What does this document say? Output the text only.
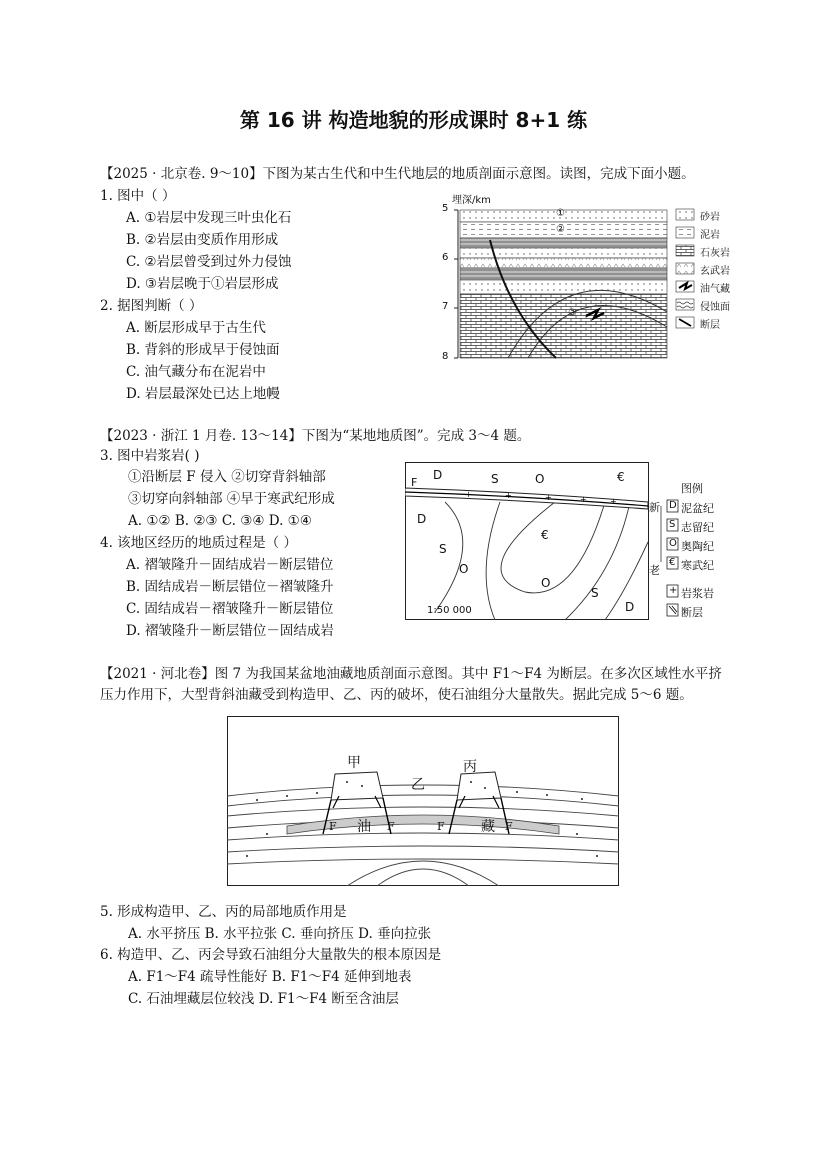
第 16 讲 构造地貌的形成课时 8+1 练
【2025 · 北京卷. 9～10】下图为某古生代和中生代地层的地质剖面示意图。读图，完成下面小题。
1. 图中（ ）
A. ①岩层中发现三叶虫化石
B. ②岩层由变质作用形成
C. ②岩层曾受到过外力侵蚀
D. ③岩层晚于①岩层形成
2. 据图判断（ ）
A. 断层形成早于古生代
B. 背斜的形成早于侵蚀面
C. 油气藏分布在泥岩中
D. 岩层最深处已达上地幔
埋深/km
5
6
7
8
①
②
③
砂岩
泥岩
石灰岩
玄武岩
油气藏
侵蚀面
断层
【2023 · 浙江 1 月卷. 13～14】下图为“某地地质图”。完成 3～4 题。
3. 图中岩浆岩( )
①沿断层 F 侵入 ②切穿背斜轴部
③切穿向斜轴部 ④早于寒武纪形成
A. ①② B. ②③ C. ③④ D. ①④
4. 该地区经历的地质过程是（ ）
A. 褶皱隆升－固结成岩－断层错位
B. 固结成岩－断层错位－褶皱隆升
C. 固结成岩－褶皱隆升－断层错位
D. 褶皱隆升－断层错位－固结成岩
+	+	+	+	+
D	S	O	€
D
S
O
€
O
S
D
F
1:50 000
图例
新
老
D 泥盆纪
S 志留纪
O 奥陶纪
€ 寒武纪
+ 岩浆岩
断层
【2021 · 河北卷】图 7 为我国某盆地油藏地质剖面示意图。其中 F1～F4 为断层。在多次区域性水平挤
压力作用下，大型背斜油藏受到构造甲、乙、丙的破坏，使石油组分大量散失。据此完成 5～6 题。
甲
乙
丙
油	藏
F	F	F	F
5. 形成构造甲、乙、丙的局部地质作用是
A. 水平挤压 B. 水平拉张 C. 垂向挤压 D. 垂向拉张
6. 构造甲、乙、丙会导致石油组分大量散失的根本原因是
A. F1～F4 疏导性能好 B. F1～F4 延伸到地表
C. 石油埋藏层位较浅 D. F1～F4 断至含油层
